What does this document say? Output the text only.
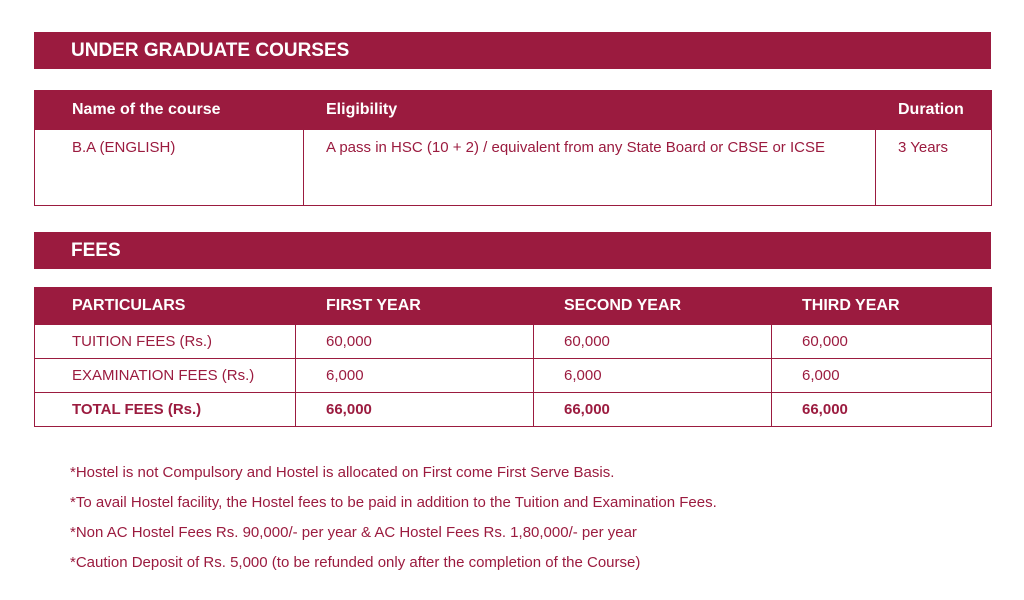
UNDER GRADUATE COURSES
Name of the course	Eligibility	Duration
B.A (ENGLISH)	A pass in HSC (10 + 2) / equivalent from any State Board or CBSE or ICSE	3 Years
FEES
PARTICULARS	FIRST YEAR	SECOND YEAR	THIRD YEAR
TUITION FEES (Rs.)	60,000	60,000	60,000
EXAMINATION FEES (Rs.)	6,000	6,000	6,000
TOTAL FEES (Rs.)	66,000	66,000	66,000
*Hostel is not Compulsory and Hostel is allocated on First come First Serve Basis.
*To avail Hostel facility, the Hostel fees to be paid in addition to the Tuition and Examination Fees.
*Non AC Hostel Fees Rs. 90,000/- per year & AC Hostel Fees Rs. 1,80,000/- per year
*Caution Deposit of Rs. 5,000 (to be refunded only after the completion of the Course)
